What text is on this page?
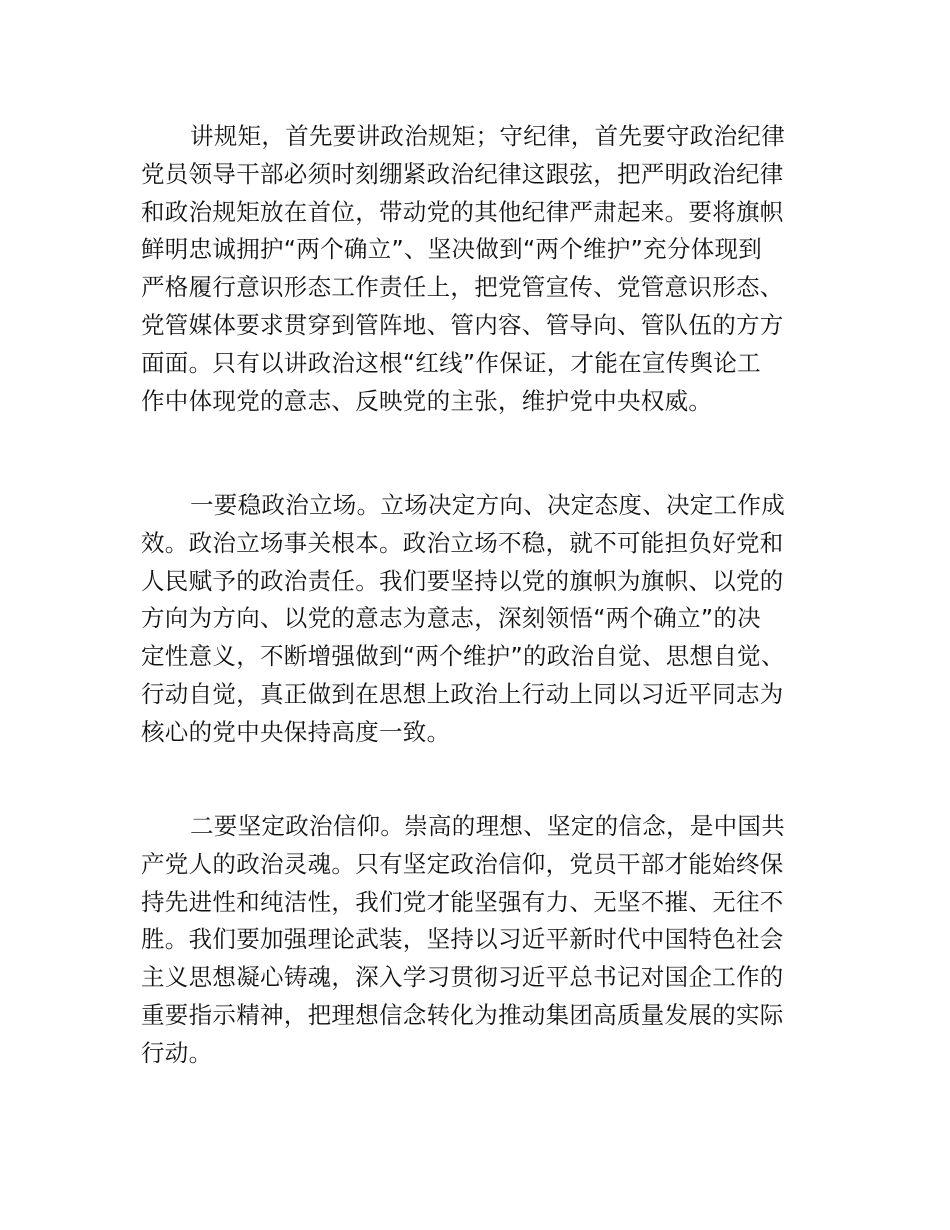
讲规矩，首先要讲政治规矩；守纪律，首先要守政治纪律
党员领导干部必须时刻绷紧政治纪律这跟弦，把严明政治纪律
和政治规矩放在首位，带动党的其他纪律严肃起来。要将旗帜
鲜明忠诚拥护“两个确立”、坚决做到“两个维护”充分体现到
严格履行意识形态工作责任上，把党管宣传、党管意识形态、
党管媒体要求贯穿到管阵地、管内容、管导向、管队伍的方方
面面。只有以讲政治这根“红线”作保证，才能在宣传舆论工
作中体现党的意志、反映党的主张，维护党中央权威。
一要稳政治立场。立场决定方向、决定态度、决定工作成
效。政治立场事关根本。政治立场不稳，就不可能担负好党和
人民赋予的政治责任。我们要坚持以党的旗帜为旗帜、以党的
方向为方向、以党的意志为意志，深刻领悟“两个确立”的决
定性意义，不断增强做到“两个维护”的政治自觉、思想自觉、
行动自觉，真正做到在思想上政治上行动上同以习近平同志为
核心的党中央保持高度一致。
二要坚定政治信仰。崇高的理想、坚定的信念，是中国共
产党人的政治灵魂。只有坚定政治信仰，党员干部才能始终保
持先进性和纯洁性，我们党才能坚强有力、无坚不摧、无往不
胜。我们要加强理论武装，坚持以习近平新时代中国特色社会
主义思想凝心铸魂，深入学习贯彻习近平总书记对国企工作的
重要指示精神，把理想信念转化为推动集团高质量发展的实际
行动。
